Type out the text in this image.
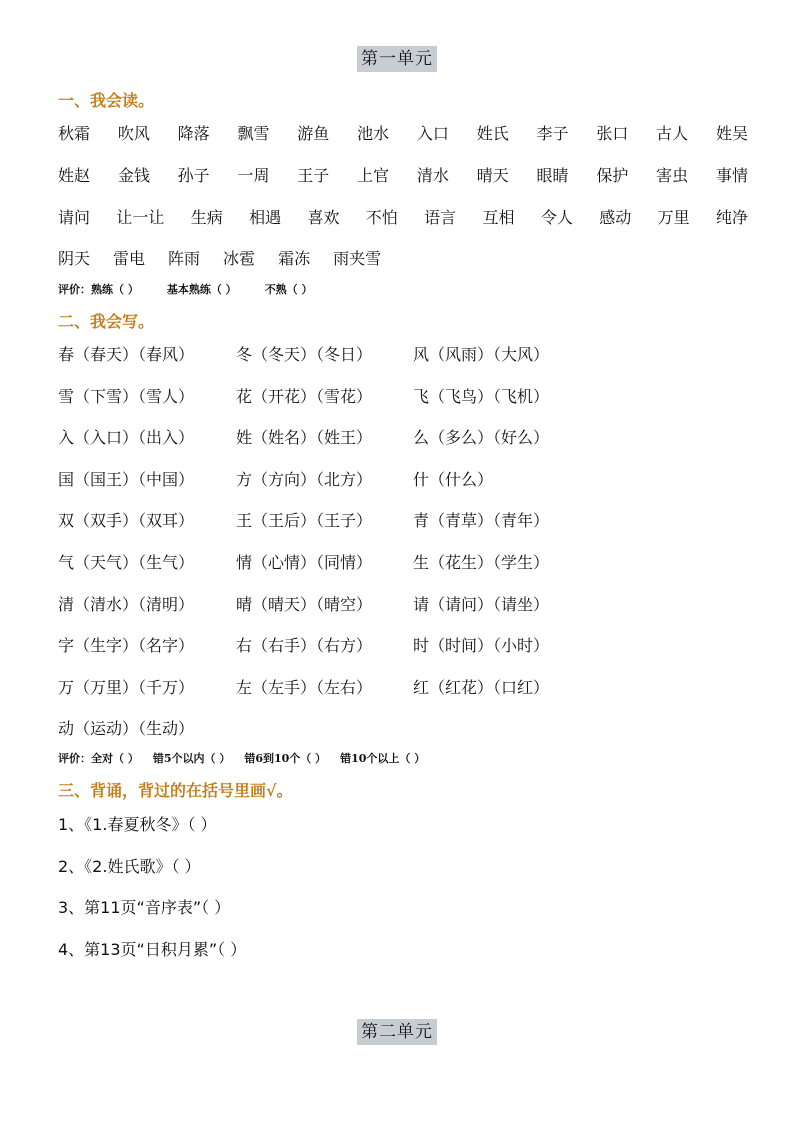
第一单元
一、我会读。
秋霜 吹风 降落 飘雪 游鱼 池水 入口 姓氏 李子 张口 古人 姓吴
姓赵 金钱 孙子 一周 王子 上官 清水 晴天 眼睛 保护 害虫 事情
请问 让一让 生病 相遇 喜欢 不怕 语言 互相 令人 感动 万里 纯净
阴天 雷电 阵雨 冰雹 霜冻 雨夹雪
评价：熟练（ ）	基本熟练（ ）	不熟（ ）
二、我会写。
春（春天）（春风）	冬（冬天）（冬日）	风（风雨）（大风）
雪（下雪）（雪人）	花（开花）（雪花）	飞（飞鸟）（飞机）
入（入口）（出入）	姓（姓名）（姓王）	么（多么）（好么）
国（国王）（中国）	方（方向）（北方）	什（什么）
双（双手）（双耳）	王（王后）（王子）	青（青草）（青年）
气（天气）（生气）	情（心情）（同情）	生（花生）（学生）
清（清水）（清明）	晴（晴天）（晴空）	请（请问）（请坐）
字（生字）（名字）	右（右手）（右方）	时（时间）（小时）
万（万里）（千万）	左（左手）（左右）	红（红花）（口红）
动（运动）（生动）
评价：全对（ ） 错5个以内（ ） 错6到10个（ ） 错10个以上（ ）
三、背诵，背过的在括号里画√。
1、《1.春夏秋冬》（ ）
2、《2.姓氏歌》（ ）
3、第11页“音序表”（ ）
4、第13页“日积月累”（ ）
第二单元
